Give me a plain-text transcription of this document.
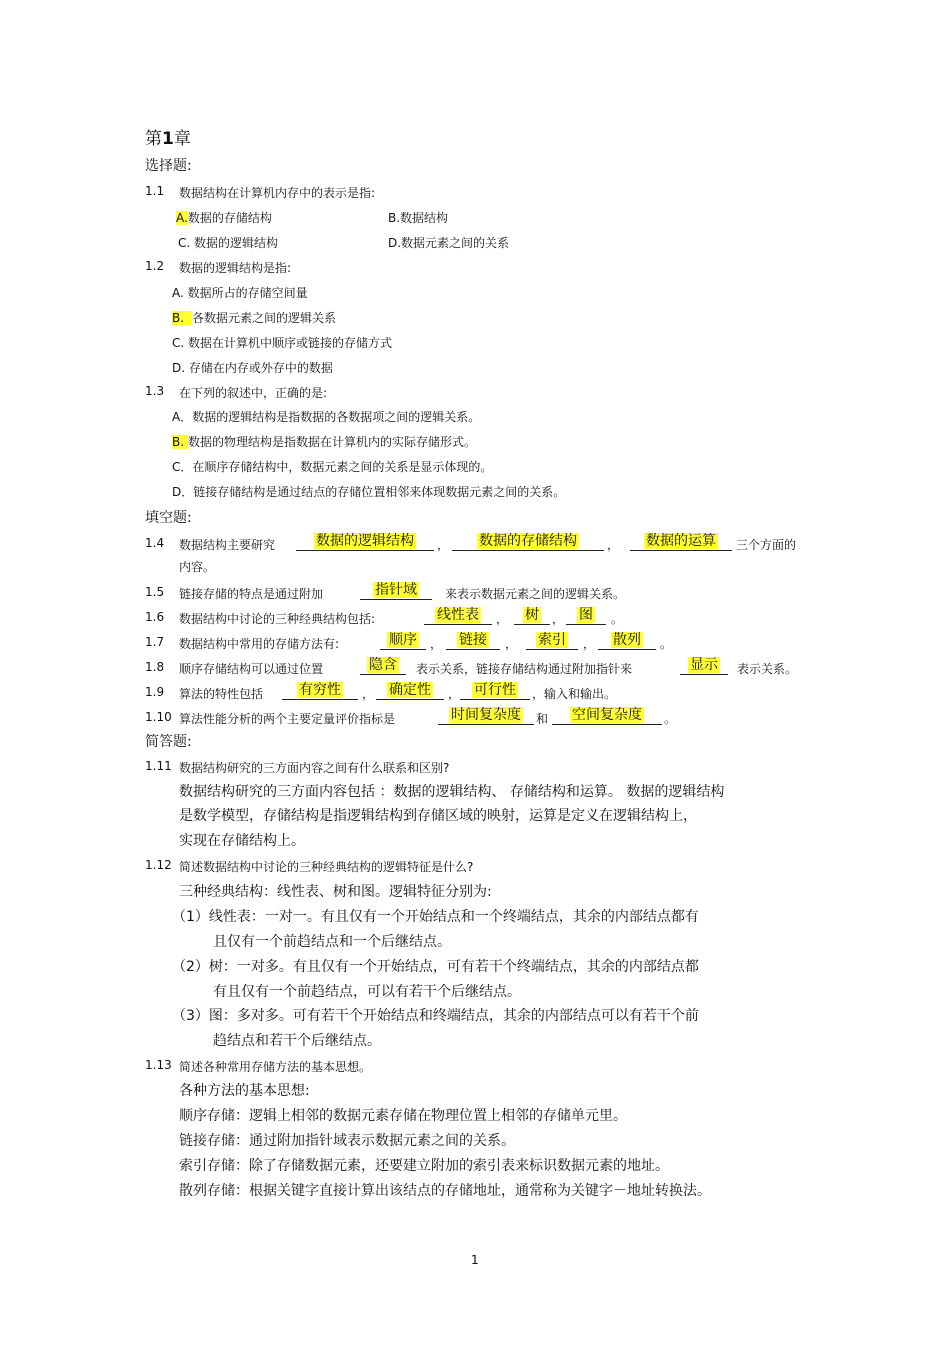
第1章
选择题:
1.1 数据结构在计算机内存中的表示是指:
A.数据的存储结构	B.数据结构
C. 数据的逻辑结构	D.数据元素之间的关系
1.2 数据的逻辑结构是指:
A. 数据所占的存储空间量
B. 各数据元素之间的逻辑关系
C. 数据在计算机中顺序或链接的存储方式
D. 存储在内存或外存中的数据
1.3 在下列的叙述中，正确的是:
A．数据的逻辑结构是指数据的各数据项之间的逻辑关系。
B. 数据的物理结构是指数据在计算机内的实际存储形式。
C．在顺序存储结构中，数据元素之间的关系是显示体现的。
D．链接存储结构是通过结点的存储位置相邻来体现数据元素之间的关系。
填空题:
1.4 数据结构主要研究	数据的逻辑结构	，	数据的存储结构	，	数据的运算	三个方面的
内容。
1.5 链接存储的特点是通过附加	指针域	来表示数据元素之间的逻辑关系。
1.6 数据结构中讨论的三种经典结构包括:	线性表	，	树	，	图	。
1.7 数据结构中常用的存储方法有:	顺序	，	链接	，	索引	，	散列	。
1.8 顺序存储结构可以通过位置	隐含	表示关系，链接存储结构通过附加指针来	显示	表示关系。
1.9 算法的特性包括	有穷性	，	确定性	， 可行性	，输入和输出。
1.10 算法性能分析的两个主要定量评价指标是	时间复杂度	和	空间复杂度	。
简答题:
1.11 数据结构研究的三方面内容之间有什么联系和区别?
数据结构研究的三方面内容包括 ：数据的逻辑结构、 存储结构和运算。 数据的逻辑结构
是数学模型，存储结构是指逻辑结构到存储区域的映射，运算是定义在逻辑结构上，
实现在存储结构上。
1.12 简述数据结构中讨论的三种经典结构的逻辑特征是什么?
三种经典结构：线性表、树和图。逻辑特征分别为:
（1）线性表：一对一。有且仅有一个开始结点和一个终端结点，其余的内部结点都有
且仅有一个前趋结点和一个后继结点。
（2）树：一对多。有且仅有一个开始结点，可有若干个终端结点，其余的内部结点都
有且仅有一个前趋结点，可以有若干个后继结点。
（3）图：多对多。可有若干个开始结点和终端结点，其余的内部结点可以有若干个前
趋结点和若干个后继结点。
1.13 简述各种常用存储方法的基本思想。
各种方法的基本思想:
顺序存储：逻辑上相邻的数据元素存储在物理位置上相邻的存储单元里。
链接存储：通过附加指针域表示数据元素之间的关系。
索引存储：除了存储数据元素，还要建立附加的索引表来标识数据元素的地址。
散列存储：根据关键字直接计算出该结点的存储地址，通常称为关键字－地址转换法。
1
